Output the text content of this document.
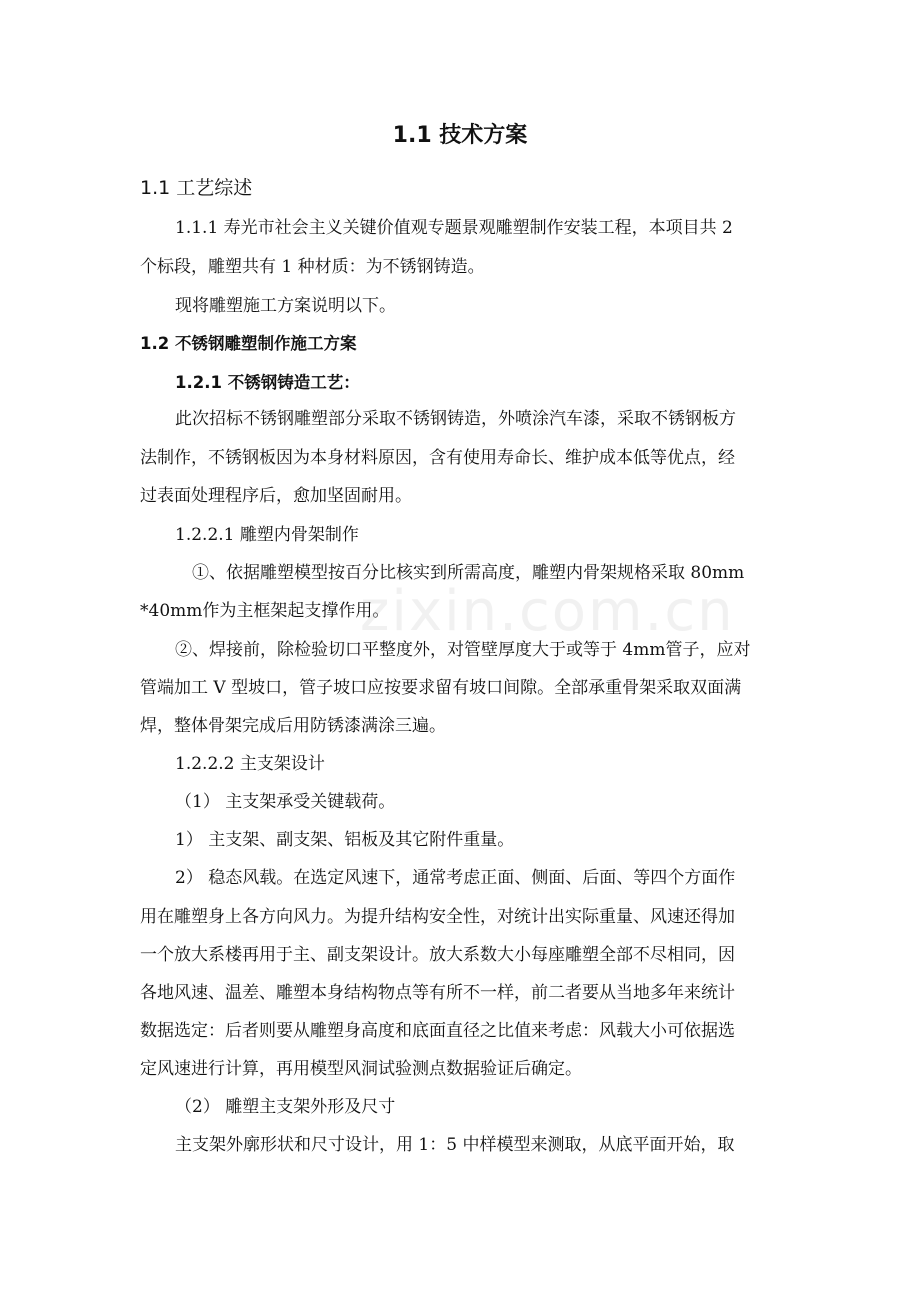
1.1 技术方案
1.1 工艺综述
1.1.1 寿光市社会主义关键价值观专题景观雕塑制作安装工程，本项目共 2
个标段，雕塑共有 1 种材质：为不锈钢铸造。
现将雕塑施工方案说明以下。
1.2 不锈钢雕塑制作施工方案
1.2.1 不锈钢铸造工艺：
此次招标不锈钢雕塑部分采取不锈钢铸造，外喷涂汽车漆，采取不锈钢板方
法制作，不锈钢板因为本身材料原因，含有使用寿命长、维护成本低等优点，经
过表面处理程序后，愈加坚固耐用。
1.2.2.1 雕塑内骨架制作
①、依据雕塑模型按百分比核实到所需高度，雕塑内骨架规格采取 80mm
*40mm作为主框架起支撑作用。
②、焊接前，除检验切口平整度外，对管壁厚度大于或等于 4mm管子，应对
管端加工 V 型坡口，管子坡口应按要求留有坡口间隙。全部承重骨架采取双面满
焊，整体骨架完成后用防锈漆满涂三遍。
1.2.2.2 主支架设计
（1） 主支架承受关键载荷。
1） 主支架、副支架、铝板及其它附件重量。
2） 稳态风载。在选定风速下，通常考虑正面、侧面、后面、等四个方面作
用在雕塑身上各方向风力。为提升结构安全性，对统计出实际重量、风速还得加
一个放大系楼再用于主、副支架设计。放大系数大小每座雕塑全部不尽相同，因
各地风速、温差、雕塑本身结构物点等有所不一样，前二者要从当地多年来统计
数据选定：后者则要从雕塑身高度和底面直径之比值来考虑：风载大小可依据选
定风速进行计算，再用模型风洞试验测点数据验证后确定。
（2） 雕塑主支架外形及尺寸
主支架外廓形状和尺寸设计，用 1：5 中样模型来测取，从底平面开始，取
zixin.com.cn
